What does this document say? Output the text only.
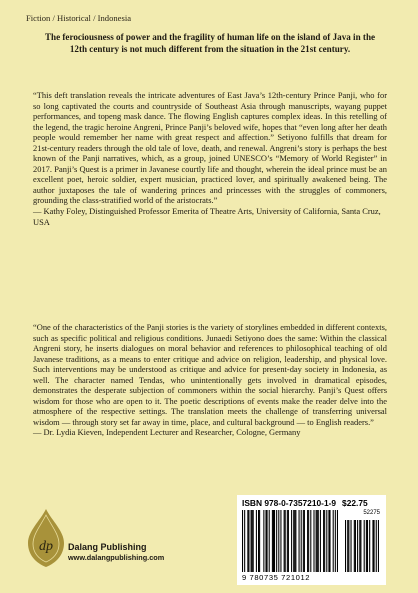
Fiction / Historical / Indonesia
The ferociousness of power and the fragility of human life on the island of Java in the 12th century is not much different from the situation in the 21st century.

“This deft translation reveals the intricate adventures of East Java’s 12th-century Prince Panji, who for so long captivated the courts and countryside of Southeast Asia through manuscripts, wayang puppet performances, and topeng mask dance. The flowing English captures complex ideas. In this retelling of the legend, the tragic heroine Angreni, Prince Panji’s beloved wife, hopes that “even long after her death people would remember her name with great respect and affection.” Setiyono fulfills that dream for 21st-century readers through the old tale of love, death, and renewal. Angreni’s story is perhaps the best known of the Panji narratives, which, as a group, joined UNESCO’s “Memory of World Register” in 2017. Panji’s Quest is a primer in Javanese courtly life and thought, wherein the ideal prince must be an excellent poet, heroic soldier, expert musician, practiced lover, and spiritually awakened being. The author juxtaposes the tale of wandering princes and princesses with the struggles of commoners, grounding the class-stratified world of the aristocrats.”

— Kathy Foley, Distinguished Professor Emerita of Theatre Arts, University of California, Santa Cruz, USA

“One of the characteristics of the Panji stories is the variety of storylines embedded in different contexts, such as specific political and religious conditions. Junaedi Setiyono does the same: Within the classical Angreni story, he inserts dialogues on moral behavior and references to philosophical teaching of old Javanese traditions, as a means to enter critique and advice on religion, leadership, and physical love. Such interventions may be understood as critique and advice for present-day society in Indonesia, as well. The character named Tendas, who unintentionally gets involved in dramatical episodes, demonstrates the desperate subjection of commoners within the social hierarchy. Panji’s Quest offers wisdom for those who are open to it. The poetic descriptions of events make the reader delve into the atmosphere of the respective settings. The translation meets the challenge of transferring universal wisdom — through story set far away in time, place, and cultural background — to English readers.”

— Dr. Lydia Kieven, Independent Lecturer and Researcher, Cologne, Germany

dp Dalang Publishing
www.dalangpublishing.com
ISBN 978-0-7357210-1-9 $22.75
52275
9 780735 721012
